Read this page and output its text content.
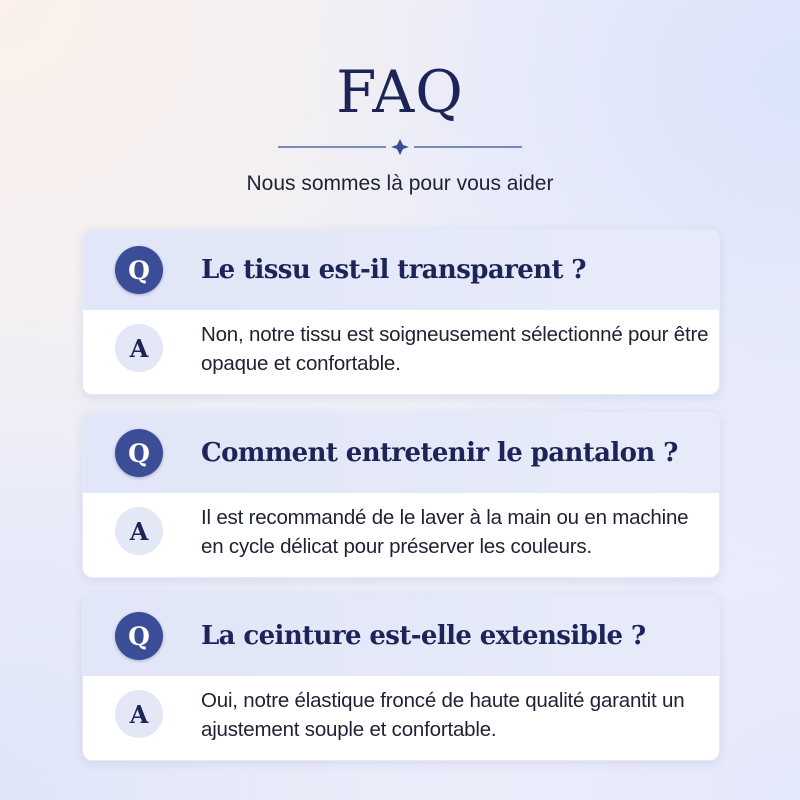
FAQ

Nous sommes là pour vous aider

Q	Le tissu est-il transparent ?
A	Non, notre tissu est soigneusement sélectionné pour être opaque et confortable.

Q	Comment entretenir le pantalon ?
A	Il est recommandé de le laver à la main ou en machine en cycle délicat pour préserver les couleurs.

Q	La ceinture est-elle extensible ?
A	Oui, notre élastique froncé de haute qualité garantit un ajustement souple et confortable.
